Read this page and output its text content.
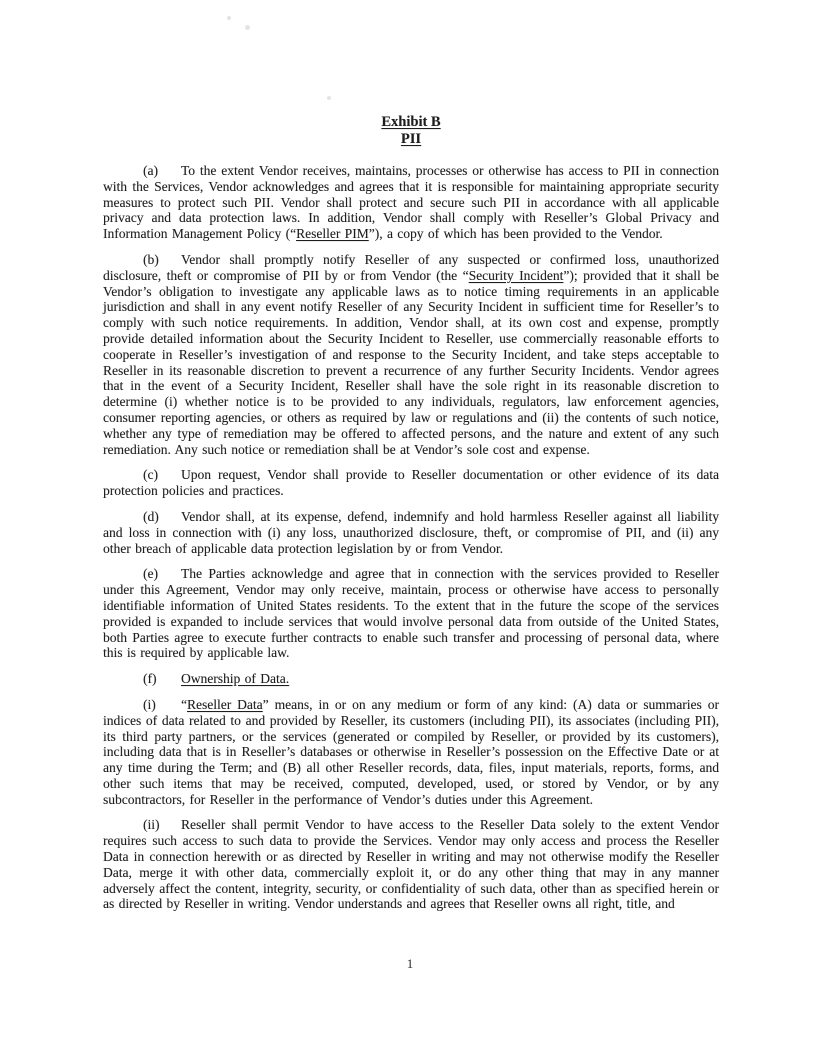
Exhibit B
PII

(a) To the extent Vendor receives, maintains, processes or otherwise has access to PII in connection with the Services, Vendor acknowledges and agrees that it is responsible for maintaining appropriate security measures to protect such PII. Vendor shall protect and secure such PII in accordance with all applicable privacy and data protection laws. In addition, Vendor shall comply with Reseller’s Global Privacy and Information Management Policy (“Reseller PIM”), a copy of which has been provided to the Vendor.

(b) Vendor shall promptly notify Reseller of any suspected or confirmed loss, unauthorized disclosure, theft or compromise of PII by or from Vendor (the “Security Incident”); provided that it shall be Vendor’s obligation to investigate any applicable laws as to notice timing requirements in an applicable jurisdiction and shall in any event notify Reseller of any Security Incident in sufficient time for Reseller’s to comply with such notice requirements. In addition, Vendor shall, at its own cost and expense, promptly provide detailed information about the Security Incident to Reseller, use commercially reasonable efforts to cooperate in Reseller’s investigation of and response to the Security Incident, and take steps acceptable to Reseller in its reasonable discretion to prevent a recurrence of any further Security Incidents. Vendor agrees that in the event of a Security Incident, Reseller shall have the sole right in its reasonable discretion to determine (i) whether notice is to be provided to any individuals, regulators, law enforcement agencies, consumer reporting agencies, or others as required by law or regulations and (ii) the contents of such notice, whether any type of remediation may be offered to affected persons, and the nature and extent of any such remediation. Any such notice or remediation shall be at Vendor’s sole cost and expense.

(c) Upon request, Vendor shall provide to Reseller documentation or other evidence of its data protection policies and practices.

(d) Vendor shall, at its expense, defend, indemnify and hold harmless Reseller against all liability and loss in connection with (i) any loss, unauthorized disclosure, theft, or compromise of PII, and (ii) any other breach of applicable data protection legislation by or from Vendor.

(e) The Parties acknowledge and agree that in connection with the services provided to Reseller under this Agreement, Vendor may only receive, maintain, process or otherwise have access to personally identifiable information of United States residents. To the extent that in the future the scope of the services provided is expanded to include services that would involve personal data from outside of the United States, both Parties agree to execute further contracts to enable such transfer and processing of personal data, where this is required by applicable law.

(f) Ownership of Data.

(i) “Reseller Data” means, in or on any medium or form of any kind: (A) data or summaries or indices of data related to and provided by Reseller, its customers (including PII), its associates (including PII), its third party partners, or the services (generated or compiled by Reseller, or provided by its customers), including data that is in Reseller’s databases or otherwise in Reseller’s possession on the Effective Date or at any time during the Term; and (B) all other Reseller records, data, files, input materials, reports, forms, and other such items that may be received, computed, developed, used, or stored by Vendor, or by any subcontractors, for Reseller in the performance of Vendor’s duties under this Agreement.

(ii) Reseller shall permit Vendor to have access to the Reseller Data solely to the extent Vendor requires such access to such data to provide the Services. Vendor may only access and process the Reseller Data in connection herewith or as directed by Reseller in writing and may not otherwise modify the Reseller Data, merge it with other data, commercially exploit it, or do any other thing that may in any manner adversely affect the content, integrity, security, or confidentiality of such data, other than as specified herein or as directed by Reseller in writing. Vendor understands and agrees that Reseller owns all right, title, and

1
